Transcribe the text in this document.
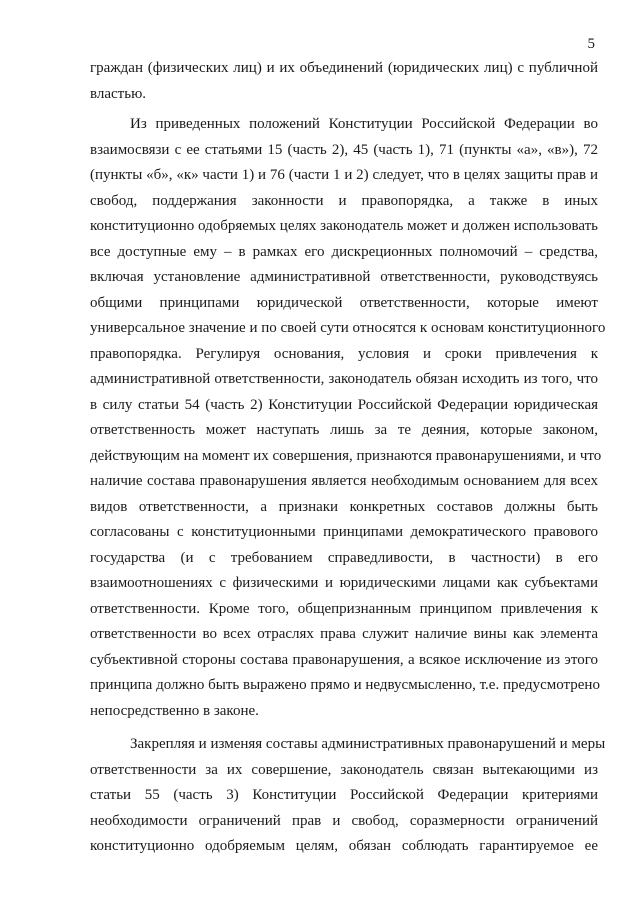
5
граждан (физических лиц) и их объединений (юридических лиц) с публичной
властью.
Из приведенных положений Конституции Российской Федерации во
взаимосвязи с ее статьями 15 (часть 2), 45 (часть 1), 71 (пункты «а», «в»), 72
(пункты «б», «к» части 1) и 76 (части 1 и 2) следует, что в целях защиты прав и
свобод, поддержания законности и правопорядка, а также в иных
конституционно одобряемых целях законодатель может и должен использовать
все доступные ему – в рамках его дискреционных полномочий – средства,
включая установление административной ответственности, руководствуясь
общими принципами юридической ответственности, которые имеют
универсальное значение и по своей сути относятся к основам конституционного
правопорядка. Регулируя основания, условия и сроки привлечения к
административной ответственности, законодатель обязан исходить из того, что
в силу статьи 54 (часть 2) Конституции Российской Федерации юридическая
ответственность может наступать лишь за те деяния, которые законом,
действующим на момент их совершения, признаются правонарушениями, и что
наличие состава правонарушения является необходимым основанием для всех
видов ответственности, а признаки конкретных составов должны быть
согласованы с конституционными принципами демократического правового
государства (и с требованием справедливости, в частности) в его
взаимоотношениях с физическими и юридическими лицами как субъектами
ответственности. Кроме того, общепризнанным принципом привлечения к
ответственности во всех отраслях права служит наличие вины как элемента
субъективной стороны состава правонарушения, а всякое исключение из этого
принципа должно быть выражено прямо и недвусмысленно, т.е. предусмотрено
непосредственно в законе.
Закрепляя и изменяя составы административных правонарушений и меры
ответственности за их совершение, законодатель связан вытекающими из
статьи 55 (часть 3) Конституции Российской Федерации критериями
необходимости ограничений прав и свобод, соразмерности ограничений
конституционно одобряемым целям, обязан соблюдать гарантируемое ее
